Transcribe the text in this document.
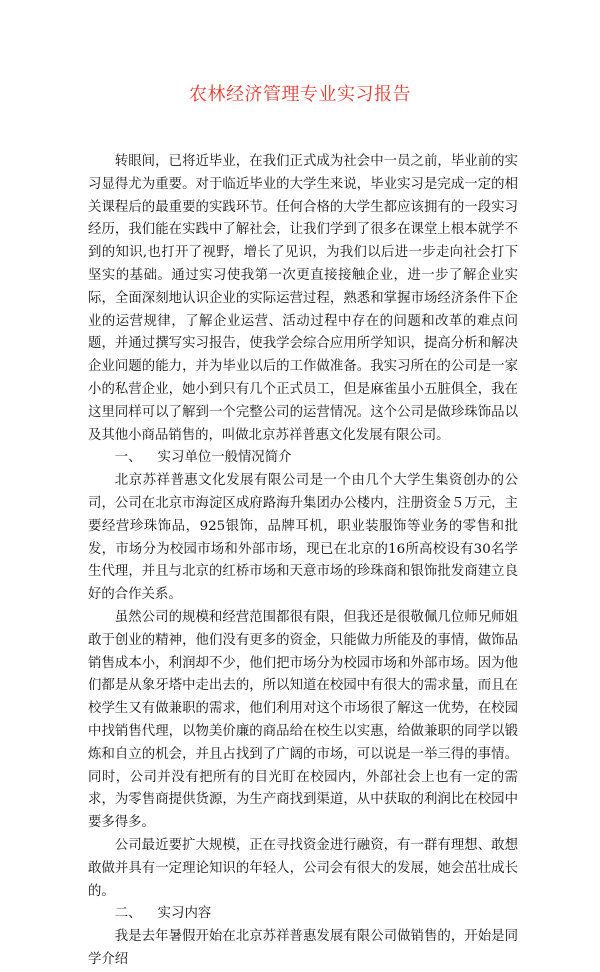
农林经济管理专业实习报告

转眼间，已将近毕业，在我们正式成为社会中一员之前，毕业前的实习显得尤为重要。对于临近毕业的大学生来说，毕业实习是完成一定的相关课程后的最重要的实践环节。任何合格的大学生都应该拥有的一段实习经历，我们能在实践中了解社会，让我们学到了很多在课堂上根本就学不到的知识,也打开了视野，增长了见识，为我们以后进一步走向社会打下坚实的基础。通过实习使我第一次更直接接触企业，进一步了解企业实际，全面深刻地认识企业的实际运营过程，熟悉和掌握市场经济条件下企业的运营规律，了解企业运营、活动过程中存在的问题和改革的难点问题，并通过撰写实习报告，使我学会综合应用所学知识，提高分析和解决企业问题的能力，并为毕业以后的工作做准备。我实习所在的公司是一家小的私营企业，她小到只有几个正式员工，但是麻雀虽小五脏俱全，我在这里同样可以了解到一个完整公司的运营情况。这个公司是做珍珠饰品以及其他小商品销售的，叫做北京苏祥普惠文化发展有限公司。

一、 实习单位一般情况简介

北京苏祥普惠文化发展有限公司是一个由几个大学生集资创办的公司，公司在北京市海淀区成府路海升集团办公楼内，注册资金５万元，主要经营珍珠饰品，925银饰，品牌耳机，职业装服饰等业务的零售和批发，市场分为校园市场和外部市场，现已在北京的16所高校设有30名学生代理，并且与北京的红桥市场和天意市场的珍珠商和银饰批发商建立良好的合作关系。

虽然公司的规模和经营范围都很有限，但我还是很敬佩几位师兄师姐敢于创业的精神，他们没有更多的资金，只能做力所能及的事情，做饰品销售成本小，利润却不少，他们把市场分为校园市场和外部市场。因为他们都是从象牙塔中走出去的，所以知道在校园中有很大的需求量，而且在校学生又有做兼职的需求，他们利用对这个市场很了解这一优势，在校园中找销售代理，以物美价廉的商品给在校生以实惠，给做兼职的同学以锻炼和自立的机会，并且占找到了广阔的市场，可以说是一举三得的事情。同时，公司并没有把所有的目光盯在校园内，外部社会上也有一定的需求，为零售商提供货源，为生产商找到渠道，从中获取的利润比在校园中要多得多。

公司最近要扩大规模，正在寻找资金进行融资，有一群有理想、敢想敢做并具有一定理论知识的年轻人，公司会有很大的发展，她会茁壮成长的。

二、 实习内容

我是去年暑假开始在北京苏祥普惠发展有限公司做销售的，开始是同学介绍
